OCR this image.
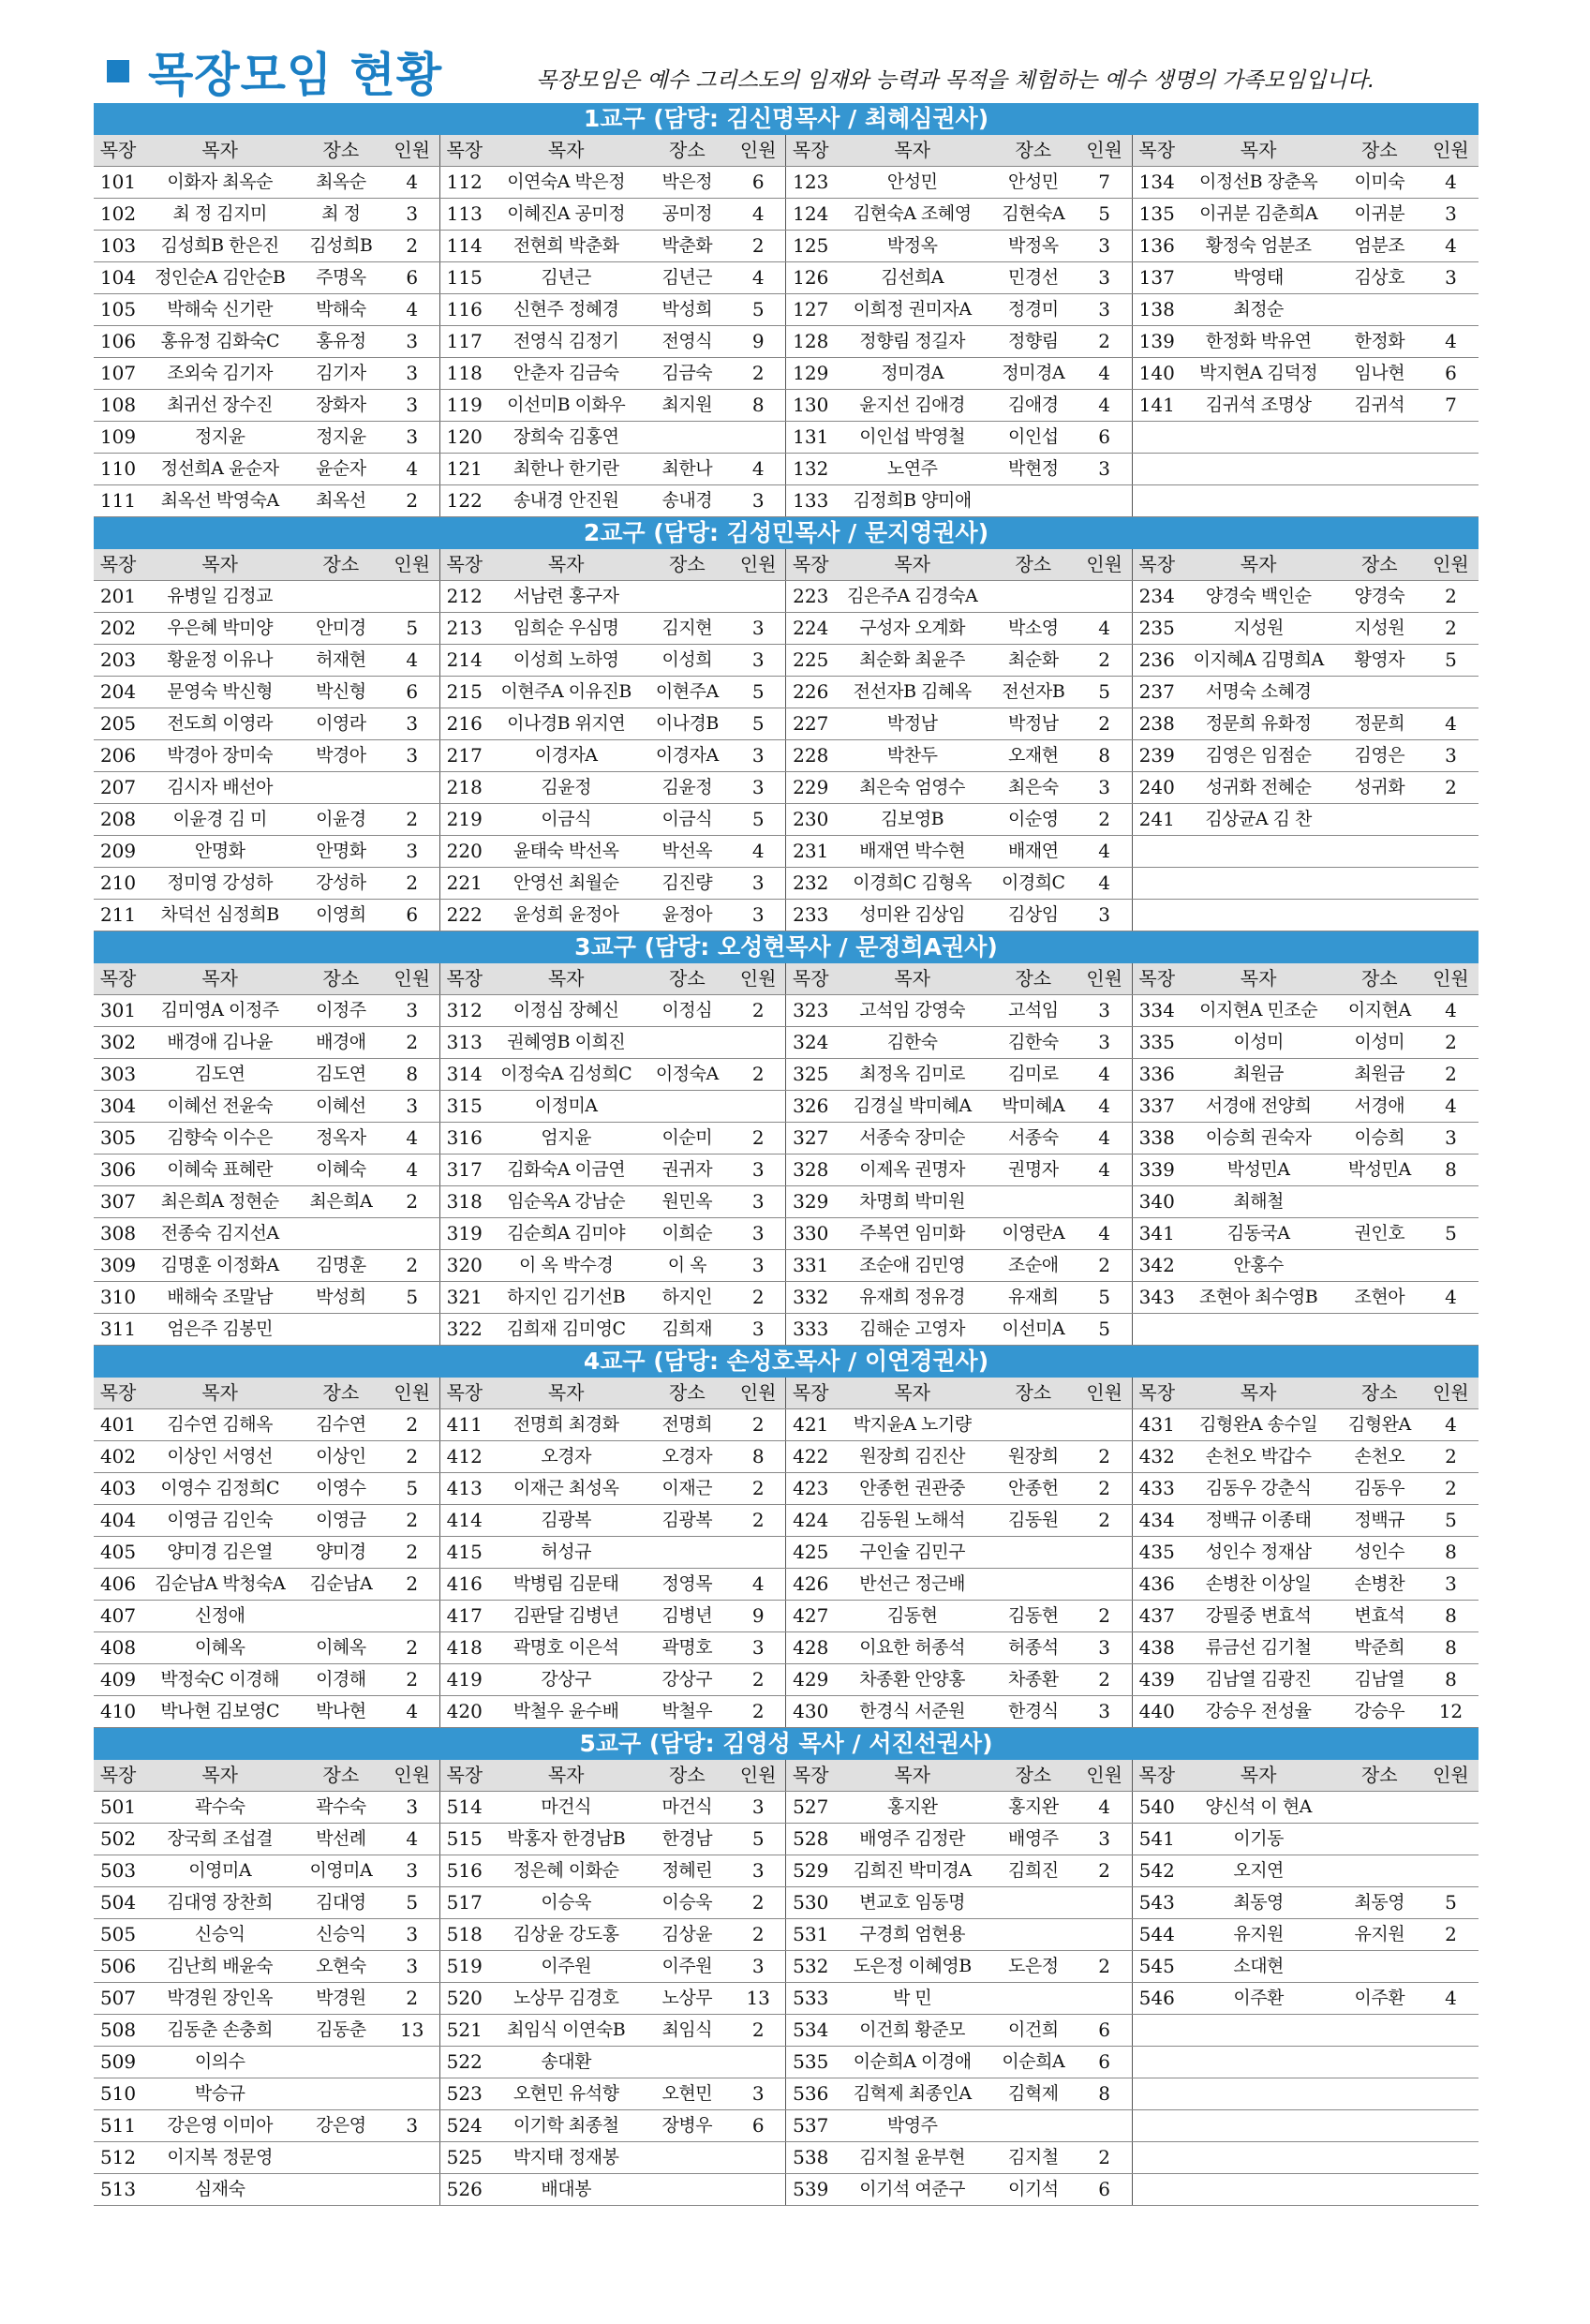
목장모임 현황	목장모임은 예수 그리스도의 임재와 능력과 목적을 체험하는 예수 생명의 가족모임입니다.
1교구 (담당: 김신명목사 / 최혜심권사)
목장	목자	장소	인원	목장	목자	장소	인원	목장	목자	장소	인원	목장	목자	장소	인원
101	이화자 최옥순	최옥순	4	112	이연숙A 박은정	박은정	6	123	안성민	안성민	7	134	이정선B 장춘옥	이미숙	4
102	최 정 김지미	최 정	3	113	이혜진A 공미정	공미정	4	124	김현숙A 조혜영	김현숙A	5	135	이귀분 김춘희A	이귀분	3
103	김성희B 한은진	김성희B	2	114	전현희 박춘화	박춘화	2	125	박정옥	박정옥	3	136	황정숙 엄분조	엄분조	4
104	정인순A 김안순B	주명옥	6	115	김년근	김년근	4	126	김선희A	민경선	3	137	박영태	김상호	3
105	박해숙 신기란	박해숙	4	116	신현주 정혜경	박성희	5	127	이희정 권미자A	정경미	3	138	최정순		
106	홍유정 김화숙C	홍유정	3	117	전영식 김정기	전영식	9	128	정향림 정길자	정향림	2	139	한정화 박유연	한정화	4
107	조외숙 김기자	김기자	3	118	안춘자 김금숙	김금숙	2	129	정미경A	정미경A	4	140	박지현A 김덕정	임나현	6
108	최귀선 장수진	장화자	3	119	이선미B 이화우	최지원	8	130	윤지선 김애경	김애경	4	141	김귀석 조명상	김귀석	7
109	정지윤	정지윤	3	120	장희숙 김홍연			131	이인섭 박영철	이인섭	6				
110	정선희A 윤순자	윤순자	4	121	최한나 한기란	최한나	4	132	노연주	박현정	3				
111	최옥선 박영숙A	최옥선	2	122	송내경 안진원	송내경	3	133	김정희B 양미애						
2교구 (담당: 김성민목사 / 문지영권사)
목장	목자	장소	인원	목장	목자	장소	인원	목장	목자	장소	인원	목장	목자	장소	인원
201	유병일 김정교			212	서남련 홍구자			223	김은주A 김경숙A			234	양경숙 백인순	양경숙	2
202	우은혜 박미양	안미경	5	213	임희순 우심명	김지현	3	224	구성자 오계화	박소영	4	235	지성원	지성원	2
203	황윤정 이유나	허재현	4	214	이성희 노하영	이성희	3	225	최순화 최윤주	최순화	2	236	이지혜A 김명희A	황영자	5
204	문영숙 박신형	박신형	6	215	이현주A 이유진B	이현주A	5	226	전선자B 김혜옥	전선자B	5	237	서명숙 소혜경		
205	전도희 이영라	이영라	3	216	이나경B 위지연	이나경B	5	227	박정남	박정남	2	238	정문희 유화정	정문희	4
206	박경아 장미숙	박경아	3	217	이경자A	이경자A	3	228	박찬두	오재현	8	239	김영은 임점순	김영은	3
207	김시자 배선아			218	김윤정	김윤정	3	229	최은숙 엄영수	최은숙	3	240	성귀화 전혜순	성귀화	2
208	이윤경 김 미	이윤경	2	219	이금식	이금식	5	230	김보영B	이순영	2	241	김상균A 김 찬		
209	안명화	안명화	3	220	윤태숙 박선옥	박선옥	4	231	배재연 박수현	배재연	4				
210	정미영 강성하	강성하	2	221	안영선 최월순	김진량	3	232	이경희C 김형옥	이경희C	4				
211	차덕선 심정희B	이영희	6	222	윤성희 윤정아	윤정아	3	233	성미완 김상임	김상임	3				
3교구 (담당: 오성현목사 / 문정희A권사)
목장	목자	장소	인원	목장	목자	장소	인원	목장	목자	장소	인원	목장	목자	장소	인원
301	김미영A 이정주	이정주	3	312	이정심 장혜신	이정심	2	323	고석임 강영숙	고석임	3	334	이지현A 민조순	이지현A	4
302	배경애 김나윤	배경애	2	313	권혜영B 이희진			324	김한숙	김한숙	3	335	이성미	이성미	2
303	김도연	김도연	8	314	이정숙A 김성희C	이정숙A	2	325	최정옥 김미로	김미로	4	336	최원금	최원금	2
304	이혜선 전윤숙	이혜선	3	315	이정미A			326	김경실 박미혜A	박미혜A	4	337	서경애 전양희	서경애	4
305	김향숙 이수은	정옥자	4	316	엄지윤	이순미	2	327	서종숙 장미순	서종숙	4	338	이승희 권숙자	이승희	3
306	이혜숙 표혜란	이혜숙	4	317	김화숙A 이금연	권귀자	3	328	이제옥 권명자	권명자	4	339	박성민A	박성민A	8
307	최은희A 정현순	최은희A	2	318	임순옥A 강남순	원민옥	3	329	차명희 박미원			340	최해철		
308	전종숙 김지선A			319	김순희A 김미야	이희순	3	330	주복연 임미화	이영란A	4	341	김동국A	권인호	5
309	김명훈 이정화A	김명훈	2	320	이 옥 박수경	이 옥	3	331	조순애 김민영	조순애	2	342	안홍수		
310	배해숙 조말남	박성희	5	321	하지인 김기선B	하지인	2	332	유재희 정유경	유재희	5	343	조현아 최수영B	조현아	4
311	엄은주 김봉민			322	김희재 김미영C	김희재	3	333	김해순 고영자	이선미A	5				
4교구 (담당: 손성호목사 / 이연경권사)
목장	목자	장소	인원	목장	목자	장소	인원	목장	목자	장소	인원	목장	목자	장소	인원
401	김수연 김해옥	김수연	2	411	전명희 최경화	전명희	2	421	박지윤A 노기량			431	김형완A 송수일	김형완A	4
402	이상인 서영선	이상인	2	412	오경자	오경자	8	422	원장희 김진산	원장희	2	432	손천오 박갑수	손천오	2
403	이영수 김정희C	이영수	5	413	이재근 최성옥	이재근	2	423	안종헌 권관중	안종헌	2	433	김동우 강춘식	김동우	2
404	이영금 김인숙	이영금	2	414	김광복	김광복	2	424	김동원 노해석	김동원	2	434	정백규 이종태	정백규	5
405	양미경 김은열	양미경	2	415	허성규			425	구인술 김민구			435	성인수 정재삼	성인수	8
406	김순남A 박청숙A	김순남A	2	416	박병림 김문태	정영목	4	426	반선근 정근배			436	손병찬 이상일	손병찬	3
407	신정애			417	김판달 김병년	김병년	9	427	김동현	김동현	2	437	강필중 변효석	변효석	8
408	이혜옥	이혜옥	2	418	곽명호 이은석	곽명호	3	428	이요한 허종석	허종석	3	438	류금선 김기철	박준희	8
409	박정숙C 이경해	이경해	2	419	강상구	강상구	2	429	차종환 안양홍	차종환	2	439	김남열 김광진	김남열	8
410	박나현 김보영C	박나현	4	420	박철우 윤수배	박철우	2	430	한경식 서준원	한경식	3	440	강승우 전성율	강승우	12
5교구 (담당: 김영성 목사 / 서진선권사)
목장	목자	장소	인원	목장	목자	장소	인원	목장	목자	장소	인원	목장	목자	장소	인원
501	곽수숙	곽수숙	3	514	마건식	마건식	3	527	홍지완	홍지완	4	540	양신석 이 현A		
502	장국희 조섭결	박선례	4	515	박홍자 한경남B	한경남	5	528	배영주 김정란	배영주	3	541	이기동		
503	이영미A	이영미A	3	516	정은혜 이화순	정혜린	3	529	김희진 박미경A	김희진	2	542	오지연		
504	김대영 장찬희	김대영	5	517	이승욱	이승욱	2	530	변교호 임동명			543	최동영	최동영	5
505	신승익	신승익	3	518	김상윤 강도홍	김상윤	2	531	구경희 엄현용			544	유지원	유지원	2
506	김난희 배윤숙	오현숙	3	519	이주원	이주원	3	532	도은정 이혜영B	도은정	2	545	소대현		
507	박경원 장인옥	박경원	2	520	노상무 김경호	노상무	13	533	박 민			546	이주환	이주환	4
508	김동춘 손충희	김동춘	13	521	최임식 이연숙B	최임식	2	534	이건희 황준모	이건희	6				
509	이의수			522	송대환			535	이순희A 이경애	이순희A	6				
510	박승규			523	오현민 유석향	오현민	3	536	김혁제 최종인A	김혁제	8				
511	강은영 이미아	강은영	3	524	이기학 최종철	장병우	6	537	박영주						
512	이지복 정문영			525	박지태 정재봉			538	김지철 윤부현	김지철	2				
513	심재숙			526	배대봉			539	이기석 여준구	이기석	6				
